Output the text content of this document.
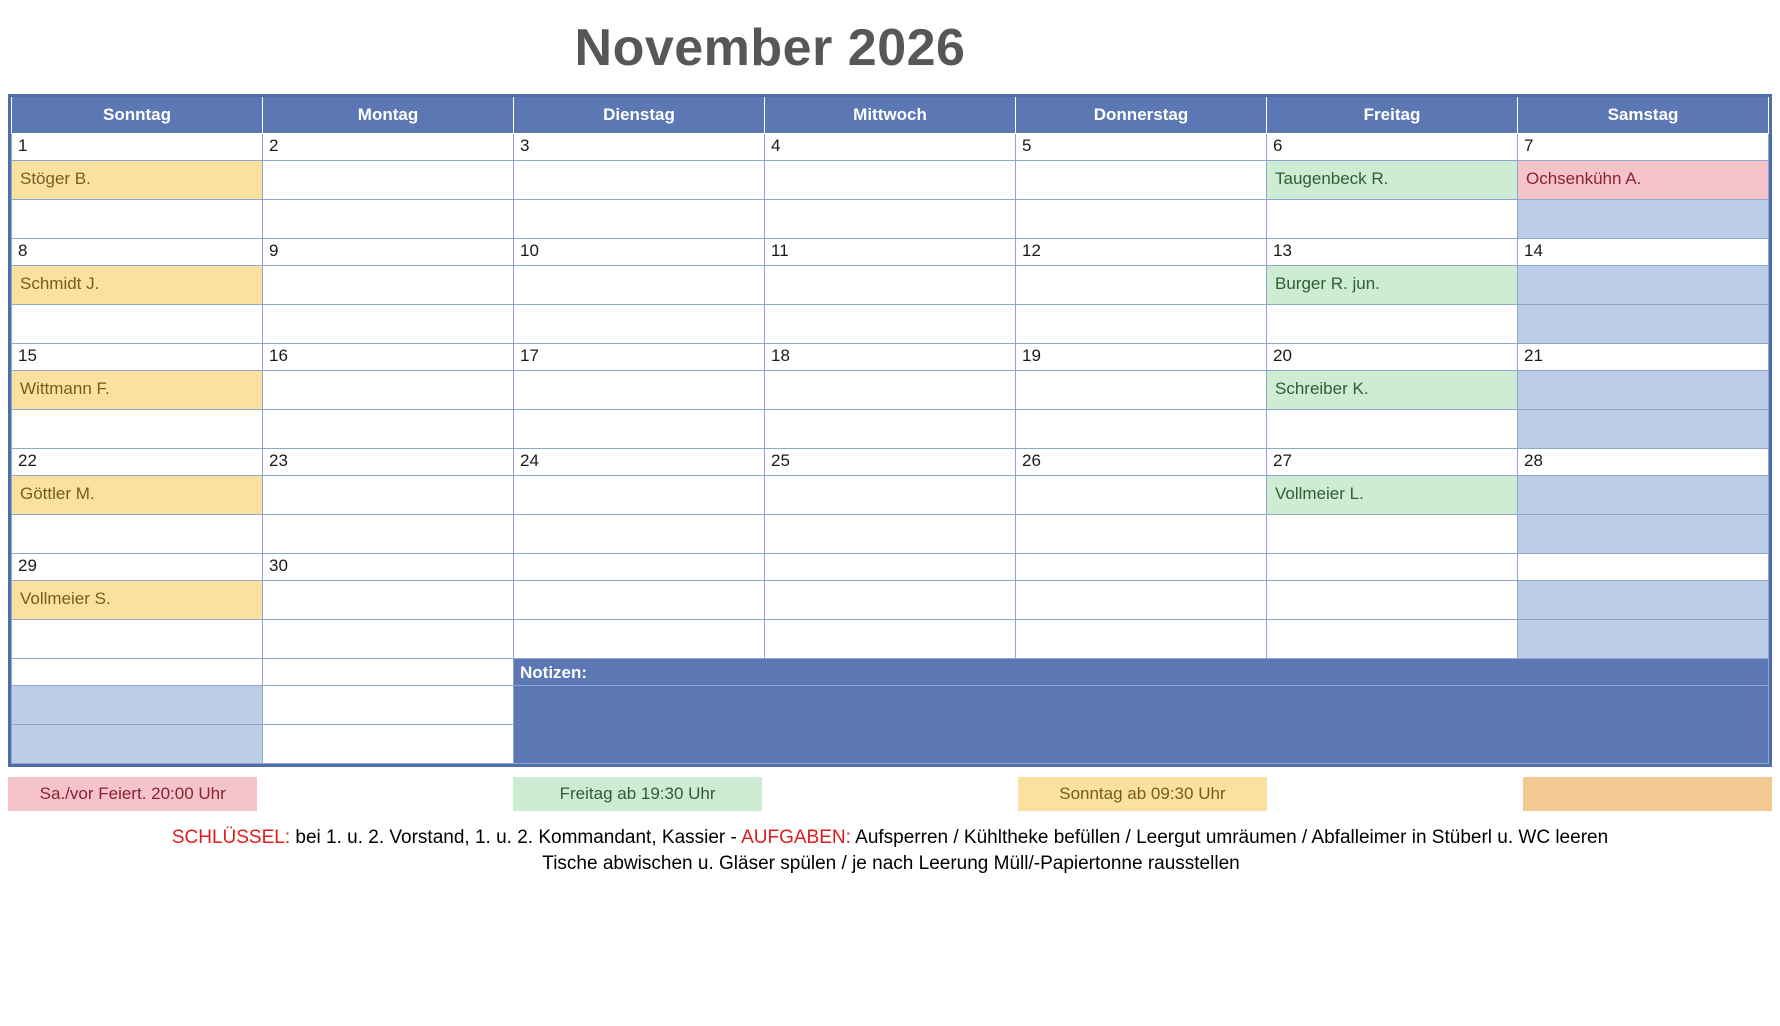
November 2026
Sonntag	Montag	Dienstag	Mittwoch	Donnerstag	Freitag	Samstag

1	2	3	4	5	6	7

Stöger B.					Taugenbeck R.	Ochsenkühn A.

8	9	10	11	12	13	14

Schmidt J.					Burger R. jun.	

15	16	17	18	19	20	21

Wittmann F.					Schreiber K.	

22	23	24	25	26	27	28

Göttler M.					Vollmeier L.	

29	30					

Vollmeier S.						

		Notizen:				

Sa./vor Feiert. 20:00 Uhr	Freitag ab 19:30 Uhr	Sonntag ab 09:30 Uhr
SCHLÜSSEL: bei 1. u. 2. Vorstand, 1. u. 2. Kommandant, Kassier - AUFGABEN: Aufsperren / Kühltheke befüllen / Leergut umräumen / Abfalleimer in Stüberl u. WC leeren
Tische abwischen u. Gläser spülen / je nach Leerung Müll/-Papiertonne rausstellen
